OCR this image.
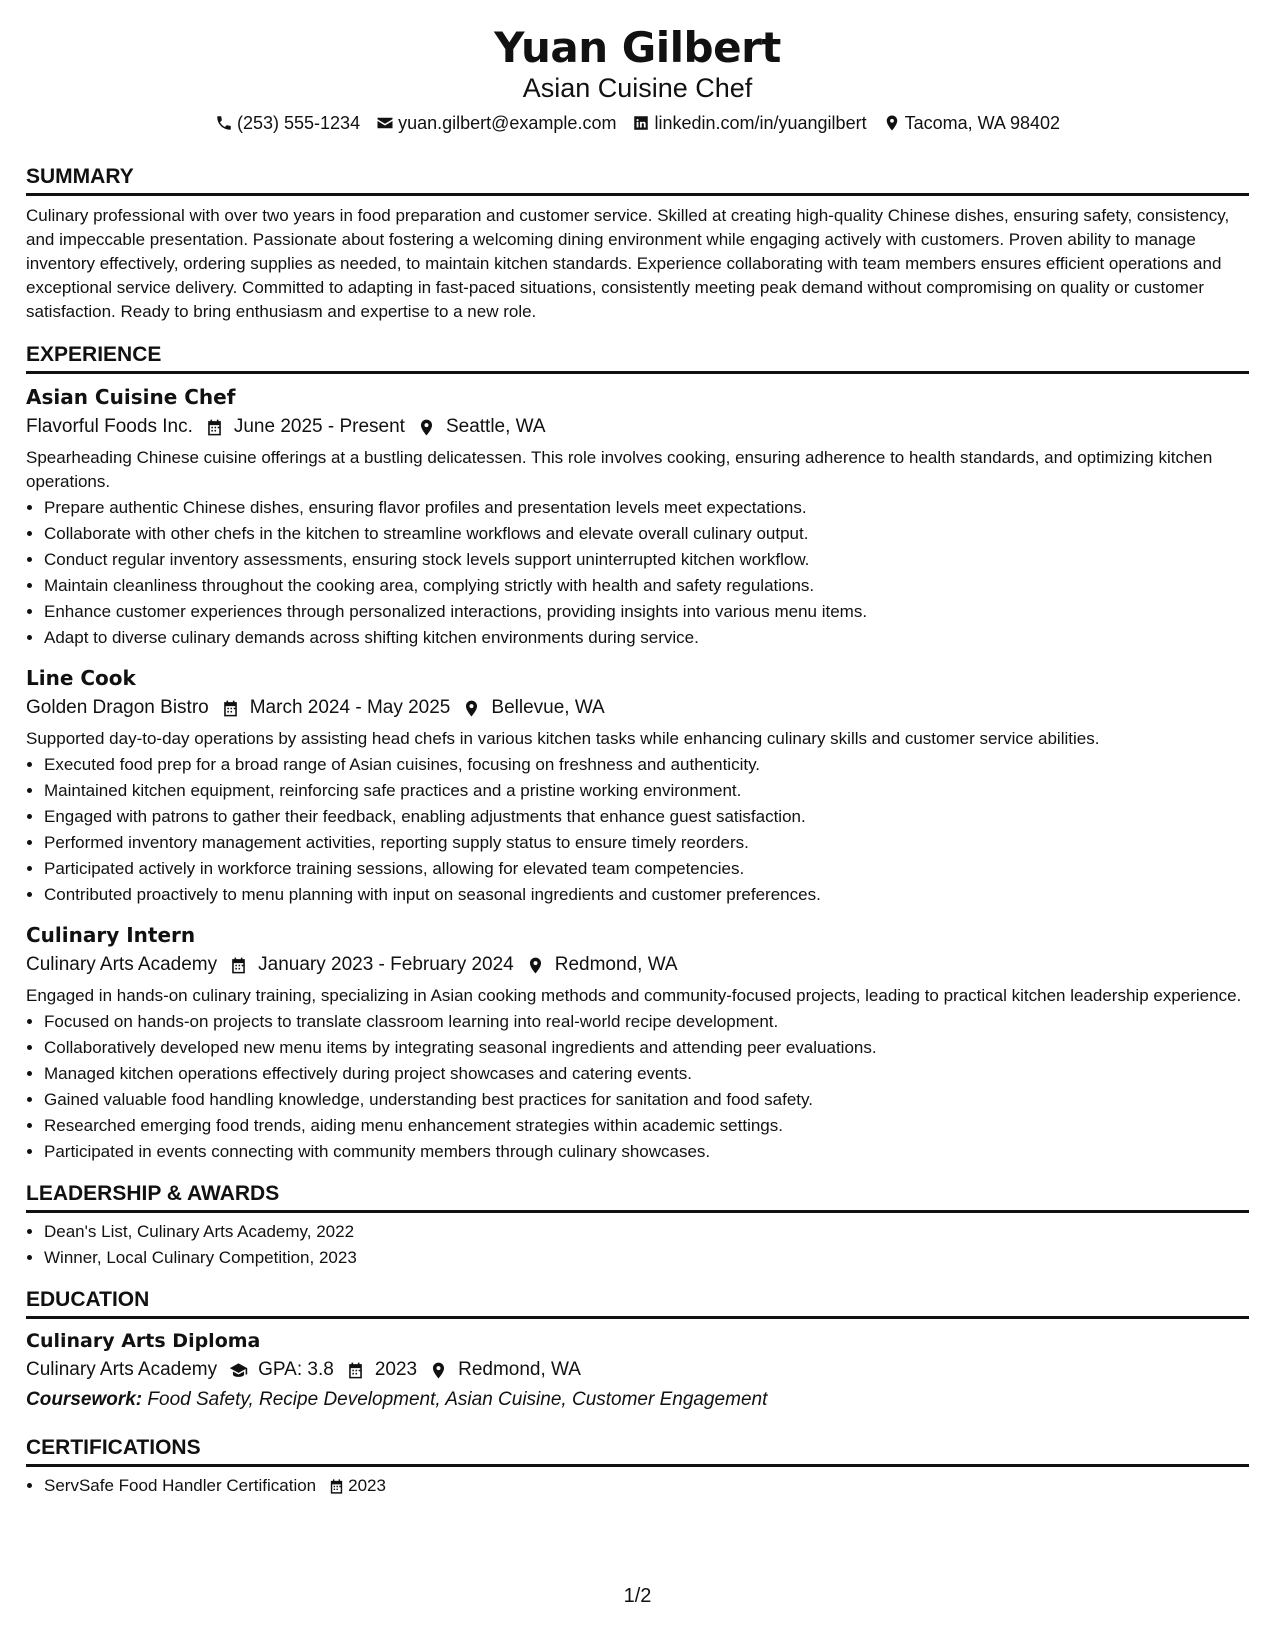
Yuan Gilbert
Asian Cuisine Chef
(253) 555-1234 yuan.gilbert@example.com linkedin.com/in/yuangilbert Tacoma, WA 98402
SUMMARY
Culinary professional with over two years in food preparation and customer service. Skilled at creating high-quality Chinese dishes, ensuring safety, consistency, and impeccable presentation. Passionate about fostering a welcoming dining environment while engaging actively with customers. Proven ability to manage inventory effectively, ordering supplies as needed, to maintain kitchen standards. Experience collaborating with team members ensures efficient operations and exceptional service delivery. Committed to adapting in fast-paced situations, consistently meeting peak demand without compromising on quality or customer satisfaction. Ready to bring enthusiasm and expertise to a new role.
EXPERIENCE
Asian Cuisine Chef
Flavorful Foods Inc. June 2025 - Present Seattle, WA
Spearheading Chinese cuisine offerings at a bustling delicatessen. This role involves cooking, ensuring adherence to health standards, and optimizing kitchen operations.
• Prepare authentic Chinese dishes, ensuring flavor profiles and presentation levels meet expectations.
• Collaborate with other chefs in the kitchen to streamline workflows and elevate overall culinary output.
• Conduct regular inventory assessments, ensuring stock levels support uninterrupted kitchen workflow.
• Maintain cleanliness throughout the cooking area, complying strictly with health and safety regulations.
• Enhance customer experiences through personalized interactions, providing insights into various menu items.
• Adapt to diverse culinary demands across shifting kitchen environments during service.
Line Cook
Golden Dragon Bistro March 2024 - May 2025 Bellevue, WA
Supported day-to-day operations by assisting head chefs in various kitchen tasks while enhancing culinary skills and customer service abilities.
• Executed food prep for a broad range of Asian cuisines, focusing on freshness and authenticity.
• Maintained kitchen equipment, reinforcing safe practices and a pristine working environment.
• Engaged with patrons to gather their feedback, enabling adjustments that enhance guest satisfaction.
• Performed inventory management activities, reporting supply status to ensure timely reorders.
• Participated actively in workforce training sessions, allowing for elevated team competencies.
• Contributed proactively to menu planning with input on seasonal ingredients and customer preferences.
Culinary Intern
Culinary Arts Academy January 2023 - February 2024 Redmond, WA
Engaged in hands-on culinary training, specializing in Asian cooking methods and community-focused projects, leading to practical kitchen leadership experience.
• Focused on hands-on projects to translate classroom learning into real-world recipe development.
• Collaboratively developed new menu items by integrating seasonal ingredients and attending peer evaluations.
• Managed kitchen operations effectively during project showcases and catering events.
• Gained valuable food handling knowledge, understanding best practices for sanitation and food safety.
• Researched emerging food trends, aiding menu enhancement strategies within academic settings.
• Participated in events connecting with community members through culinary showcases.
LEADERSHIP & AWARDS
• Dean's List, Culinary Arts Academy, 2022
• Winner, Local Culinary Competition, 2023
EDUCATION
Culinary Arts Diploma
Culinary Arts Academy GPA: 3.8 2023 Redmond, WA
Coursework: Food Safety, Recipe Development, Asian Cuisine, Customer Engagement
CERTIFICATIONS
• ServSafe Food Handler Certification 2023
1/2
